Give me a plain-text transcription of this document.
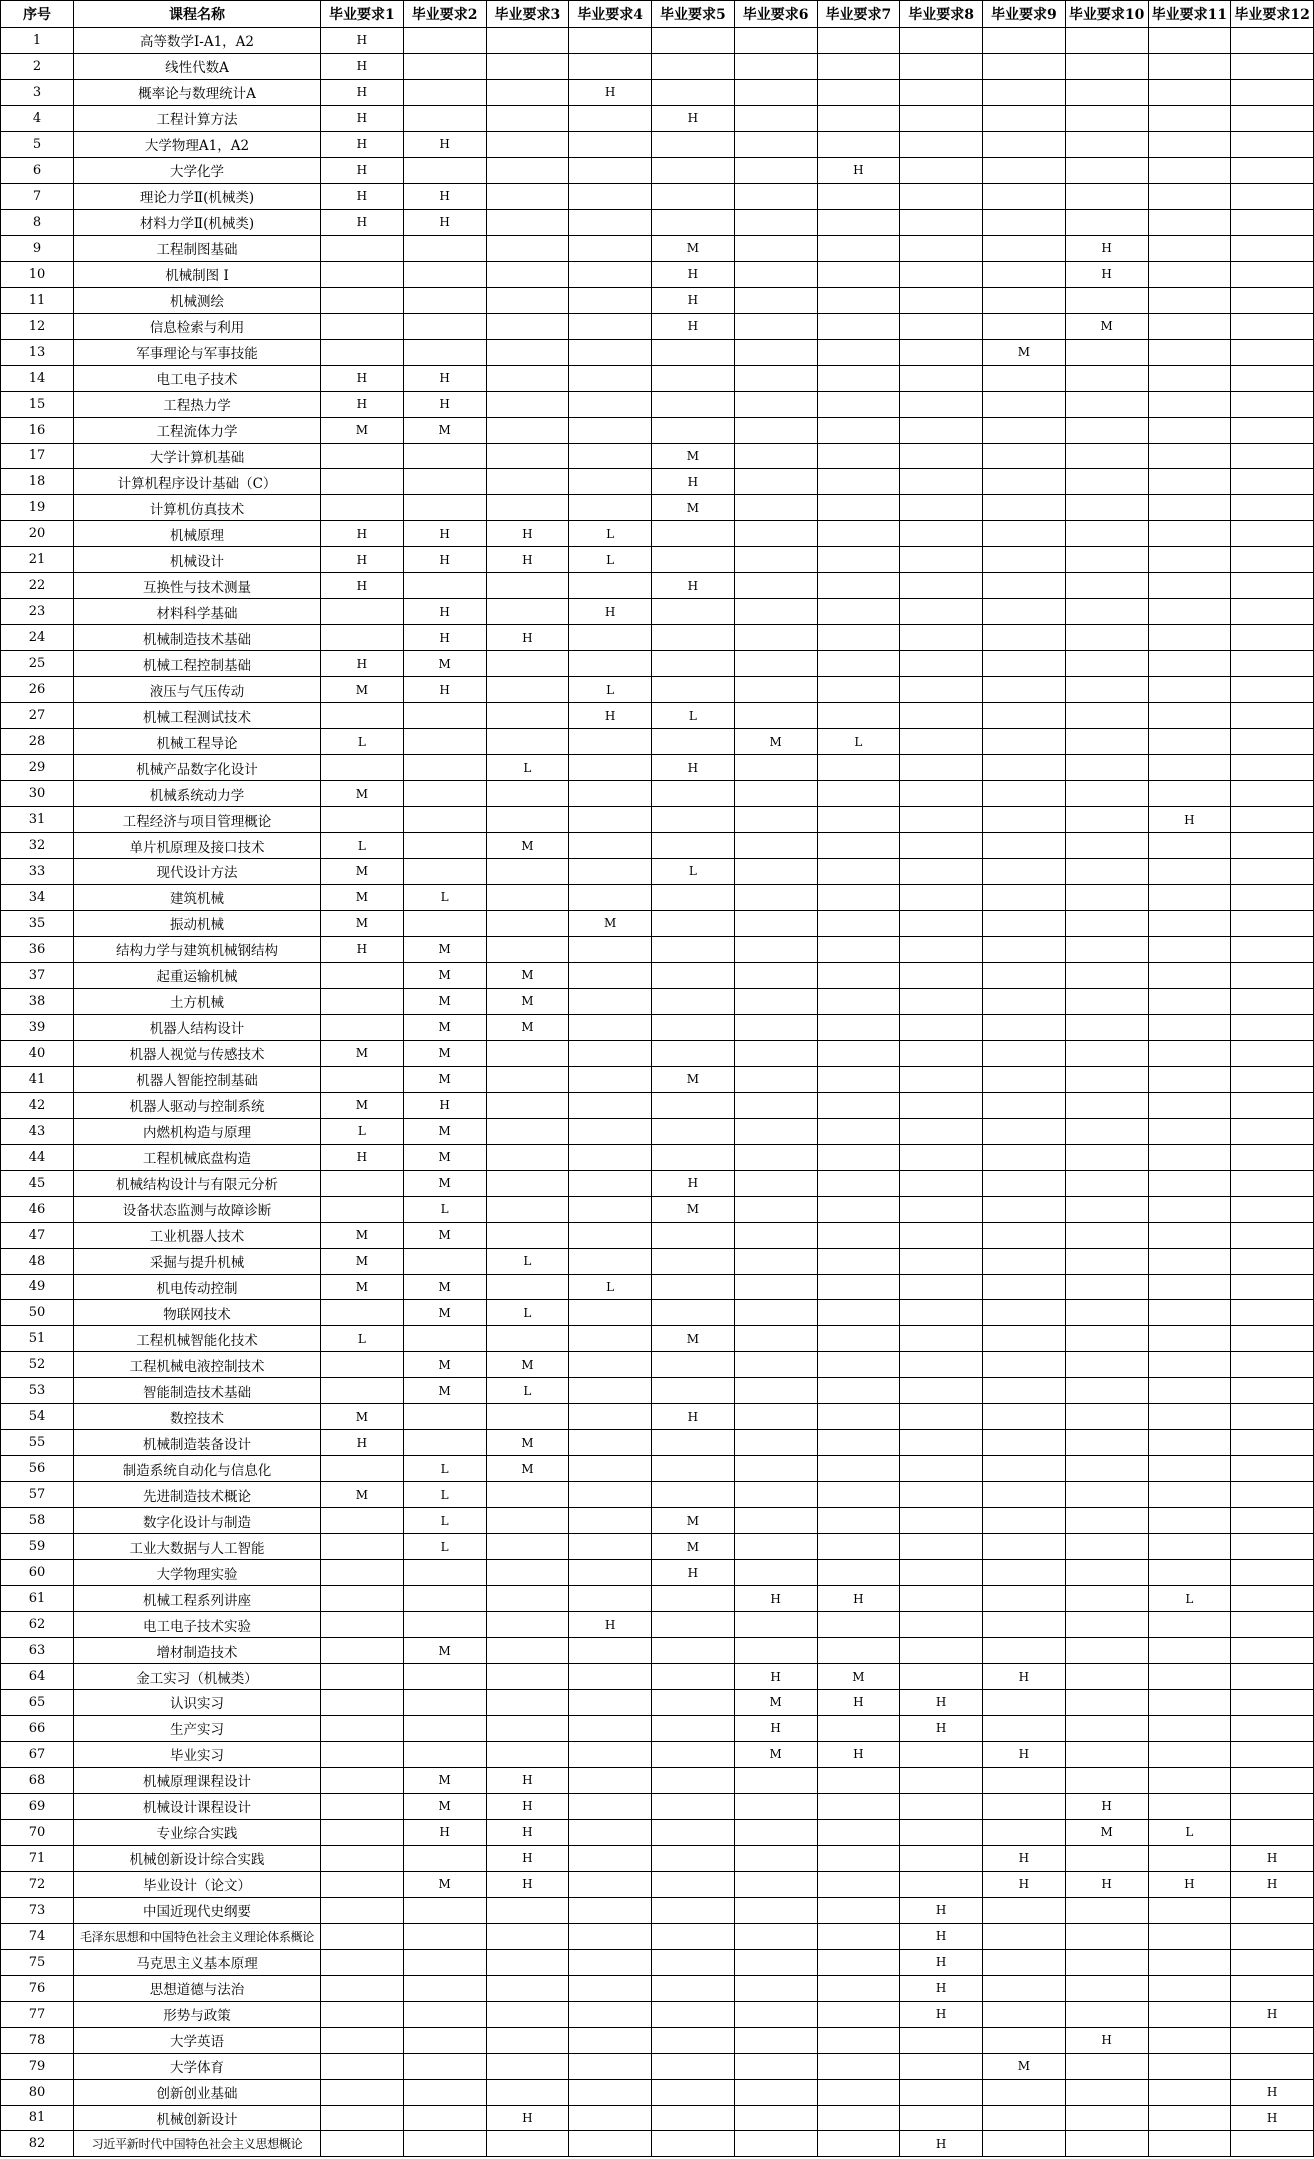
序号	课程名称	毕业要求1	毕业要求2	毕业要求3	毕业要求4	毕业要求5	毕业要求6	毕业要求7	毕业要求8	毕业要求9	毕业要求10	毕业要求11	毕业要求12
1	高等数学I-A1，A2	H											
2	线性代数A	H											
3	概率论与数理统计A	H			H								
4	工程计算方法	H				H							
5	大学物理A1，A2	H	H										
6	大学化学	H						H					
7	理论力学Ⅱ(机械类)	H	H										
8	材料力学Ⅱ(机械类)	H	H										
9	工程制图基础					M					H		
10	机械制图 I					H					H		
11	机械测绘					H							
12	信息检索与利用					H					M		
13	军事理论与军事技能									M			
14	电工电子技术	H	H										
15	工程热力学	H	H										
16	工程流体力学	M	M										
17	大学计算机基础					M							
18	计算机程序设计基础（C）					H							
19	计算机仿真技术					M							
20	机械原理	H	H	H	L								
21	机械设计	H	H	H	L								
22	互换性与技术测量	H				H							
23	材料科学基础		H		H								
24	机械制造技术基础		H	H									
25	机械工程控制基础	H	M										
26	液压与气压传动	M	H		L								
27	机械工程测试技术				H	L							
28	机械工程导论	L					M	L					
29	机械产品数字化设计			L		H							
30	机械系统动力学	M											
31	工程经济与项目管理概论											H	
32	单片机原理及接口技术	L		M									
33	现代设计方法	M				L							
34	建筑机械	M	L										
35	振动机械	M			M								
36	结构力学与建筑机械钢结构	H	M										
37	起重运输机械		M	M									
38	土方机械		M	M									
39	机器人结构设计		M	M									
40	机器人视觉与传感技术	M	M										
41	机器人智能控制基础		M			M							
42	机器人驱动与控制系统	M	H										
43	内燃机构造与原理	L	M										
44	工程机械底盘构造	H	M										
45	机械结构设计与有限元分析		M			H							
46	设备状态监测与故障诊断		L			M							
47	工业机器人技术	M	M										
48	采掘与提升机械	M		L									
49	机电传动控制	M	M		L								
50	物联网技术		M	L									
51	工程机械智能化技术	L				M							
52	工程机械电液控制技术		M	M									
53	智能制造技术基础		M	L									
54	数控技术	M				H							
55	机械制造装备设计	H		M									
56	制造系统自动化与信息化		L	M									
57	先进制造技术概论	M	L										
58	数字化设计与制造		L			M							
59	工业大数据与人工智能		L			M							
60	大学物理实验					H							
61	机械工程系列讲座						H	H				L	
62	电工电子技术实验				H								
63	增材制造技术		M										
64	金工实习（机械类）						H	M		H			
65	认识实习						M	H	H				
66	生产实习						H		H				
67	毕业实习						M	H		H			
68	机械原理课程设计		M	H									
69	机械设计课程设计		M	H							H		
70	专业综合实践		H	H							M	L	
71	机械创新设计综合实践			H						H			H
72	毕业设计（论文）		M	H						H	H	H	H
73	中国近现代史纲要								H				
74	毛泽东思想和中国特色社会主义理论体系概论								H				
75	马克思主义基本原理								H				
76	思想道德与法治								H				
77	形势与政策								H				H
78	大学英语										H		
79	大学体育									M			
80	创新创业基础												H
81	机械创新设计			H									H
82	习近平新时代中国特色社会主义思想概论								H				
